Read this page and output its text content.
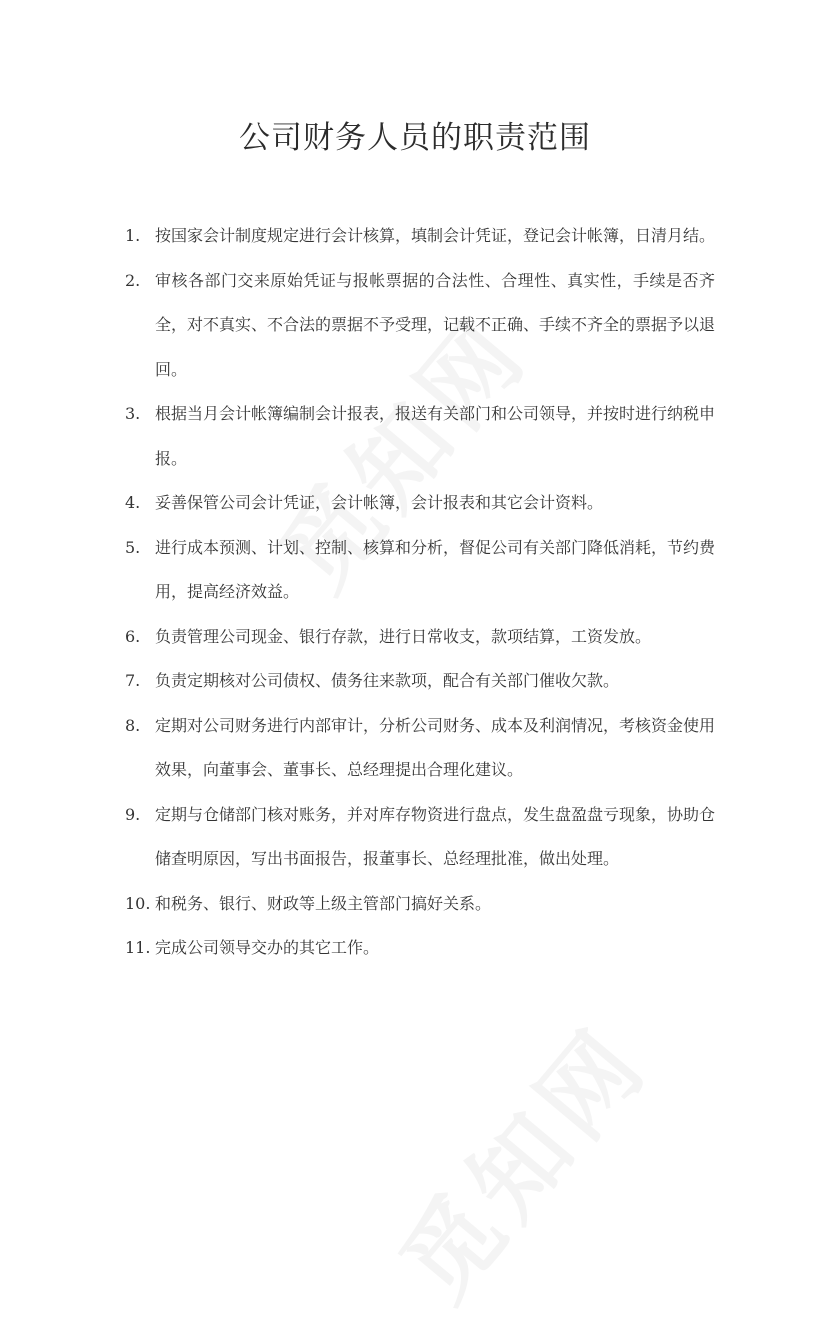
公司财务人员的职责范围
1. 按国家会计制度规定进行会计核算，填制会计凭证，登记会计帐簿，日清月结。
2. 审核各部门交来原始凭证与报帐票据的合法性、合理性、真实性，手续是否齐全，对不真实、不合法的票据不予受理，记载不正确、手续不齐全的票据予以退回。
3. 根据当月会计帐簿编制会计报表，报送有关部门和公司领导，并按时进行纳税申报。
4. 妥善保管公司会计凭证，会计帐簿，会计报表和其它会计资料。
5. 进行成本预测、计划、控制、核算和分析，督促公司有关部门降低消耗，节约费用，提高经济效益。
6. 负责管理公司现金、银行存款，进行日常收支，款项结算，工资发放。
7. 负责定期核对公司债权、债务往来款项，配合有关部门催收欠款。
8. 定期对公司财务进行内部审计，分析公司财务、成本及利润情况，考核资金使用效果，向董事会、董事长、总经理提出合理化建议。
9. 定期与仓储部门核对账务，并对库存物资进行盘点，发生盘盈盘亏现象，协助仓储查明原因，写出书面报告，报董事长、总经理批准，做出处理。
10. 和税务、银行、财政等上级主管部门搞好关系。
11. 完成公司领导交办的其它工作。
